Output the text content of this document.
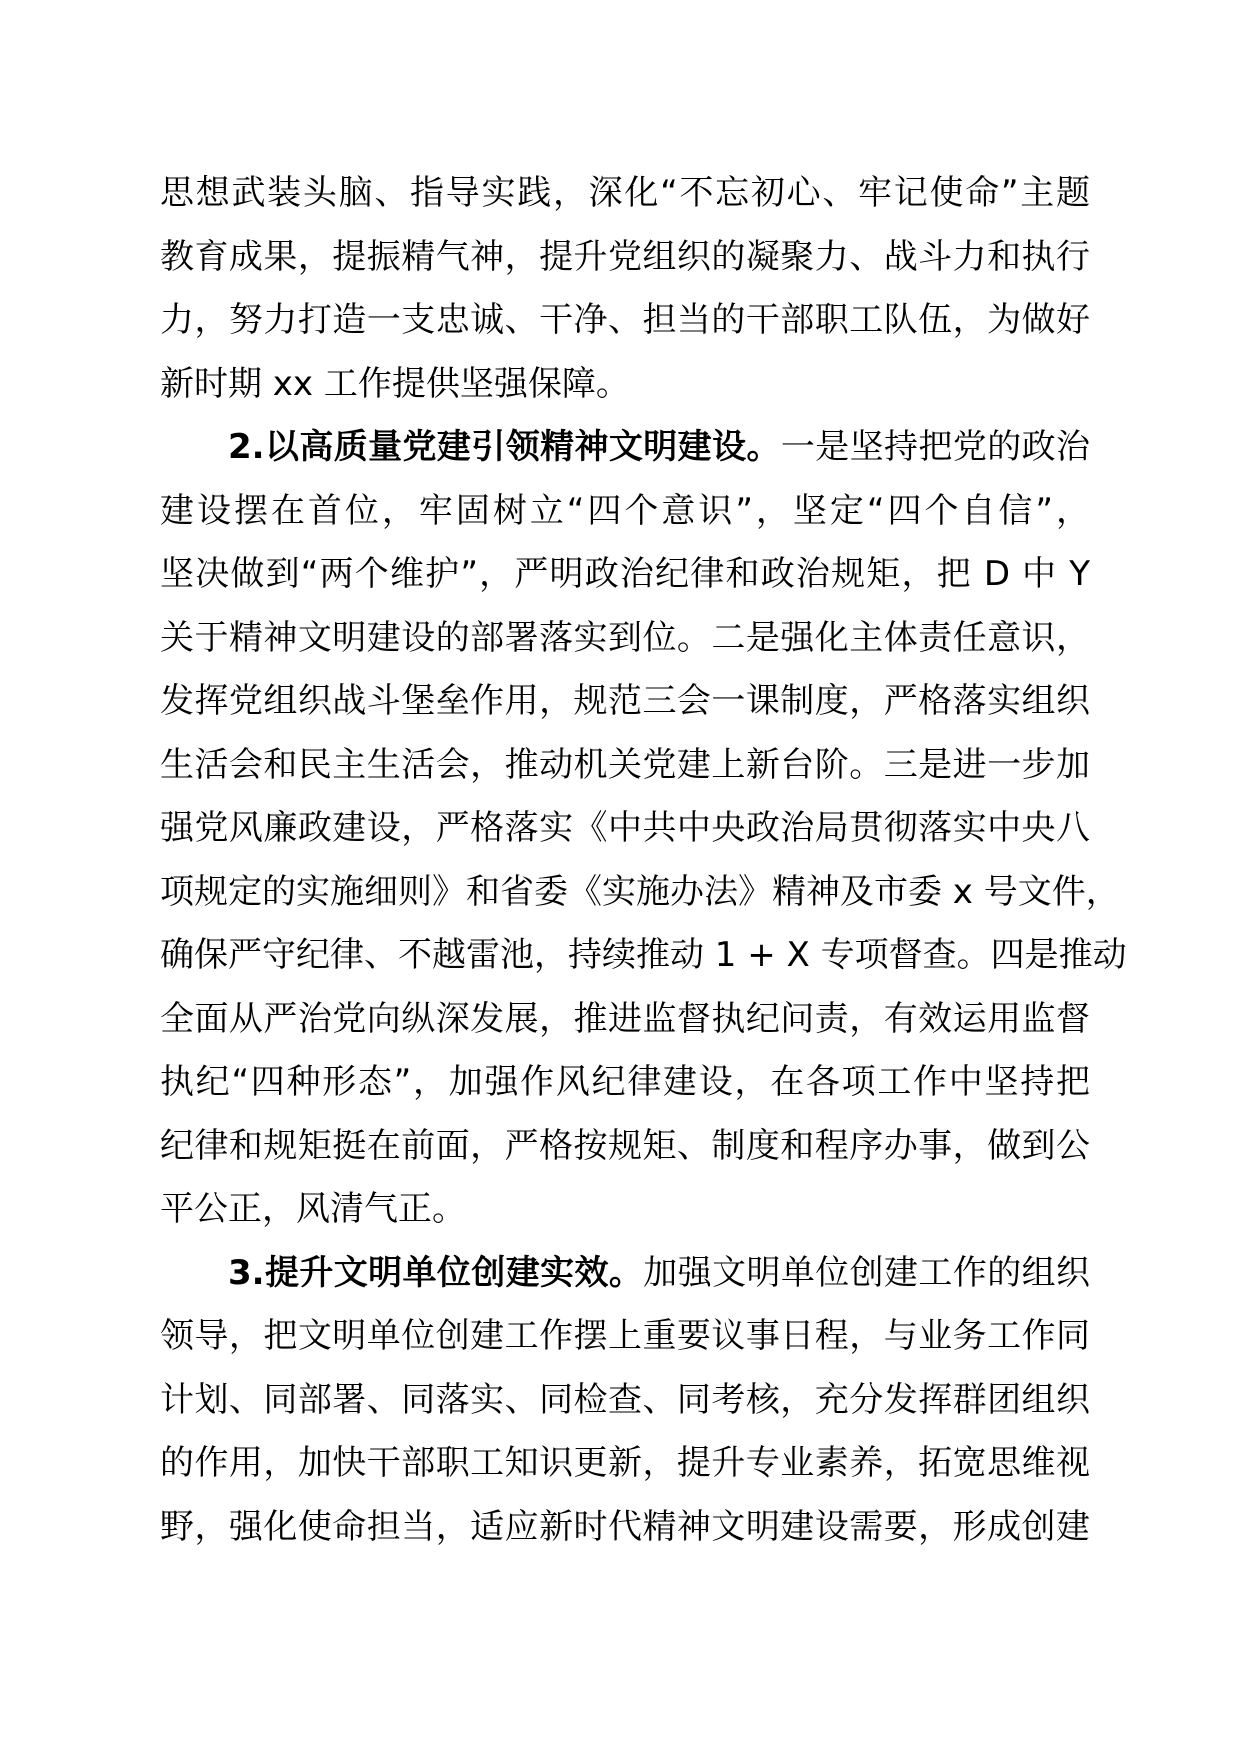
思想武装头脑、指导实践，深化“不忘初心、牢记使命”主题
教育成果，提振精气神，提升党组织的凝聚力、战斗力和执行
力，努力打造一支忠诚、干净、担当的干部职工队伍，为做好
新时期 xx 工作提供坚强保障。
2.以高质量党建引领精神文明建设。一是坚持把党的政治
建设摆在首位，牢固树立“四个意识”，坚定“四个自信”，
坚决做到“两个维护”，严明政治纪律和政治规矩，把 D 中 Y
关于精神文明建设的部署落实到位。二是强化主体责任意识，
发挥党组织战斗堡垒作用，规范三会一课制度，严格落实组织
生活会和民主生活会，推动机关党建上新台阶。三是进一步加
强党风廉政建设，严格落实《中共中央政治局贯彻落实中央八
项规定的实施细则》和省委《实施办法》精神及市委 x 号文件，
确保严守纪律、不越雷池，持续推动 1 + X 专项督查。四是推动
全面从严治党向纵深发展，推进监督执纪问责，有效运用监督
执纪“四种形态”，加强作风纪律建设，在各项工作中坚持把
纪律和规矩挺在前面，严格按规矩、制度和程序办事，做到公
平公正，风清气正。
3.提升文明单位创建实效。加强文明单位创建工作的组织
领导，把文明单位创建工作摆上重要议事日程，与业务工作同
计划、同部署、同落实、同检查、同考核，充分发挥群团组织
的作用，加快干部职工知识更新，提升专业素养，拓宽思维视
野，强化使命担当，适应新时代精神文明建设需要，形成创建
